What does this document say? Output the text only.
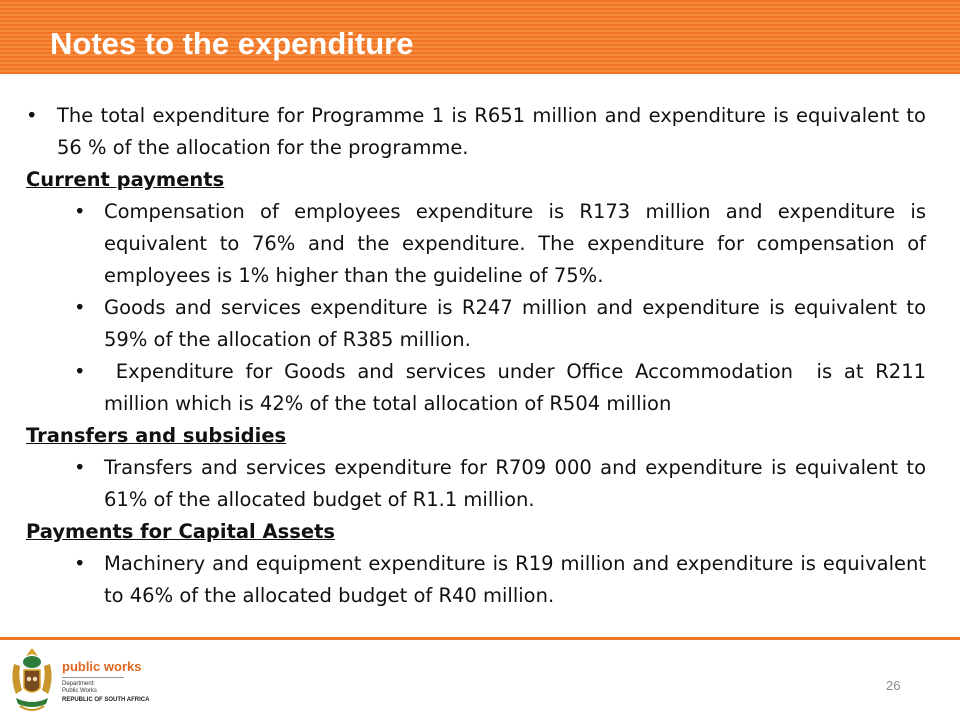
Notes to the expenditure
• The total expenditure for Programme 1 is R651 million and expenditure is equivalent to 56 % of the allocation for the programme.
Current payments
• Compensation of employees expenditure is R173 million and expenditure is equivalent to 76% and the expenditure. The expenditure for compensation of employees is 1% higher than the guideline of 75%.
• Goods and services expenditure is R247 million and expenditure is equivalent to 59% of the allocation of R385 million.
•  Expenditure for Goods and services under Office Accommodation  is at R211 million which is 42% of the total allocation of R504 million
Transfers and subsidies
• Transfers and services expenditure for R709 000 and expenditure is equivalent to 61% of the allocated budget of R1.1 million.
Payments for Capital Assets
• Machinery and equipment expenditure is R19 million and expenditure is equivalent to 46% of the allocated budget of R40 million.
public works
Department:
Public Works
REPUBLIC OF SOUTH AFRICA
26
